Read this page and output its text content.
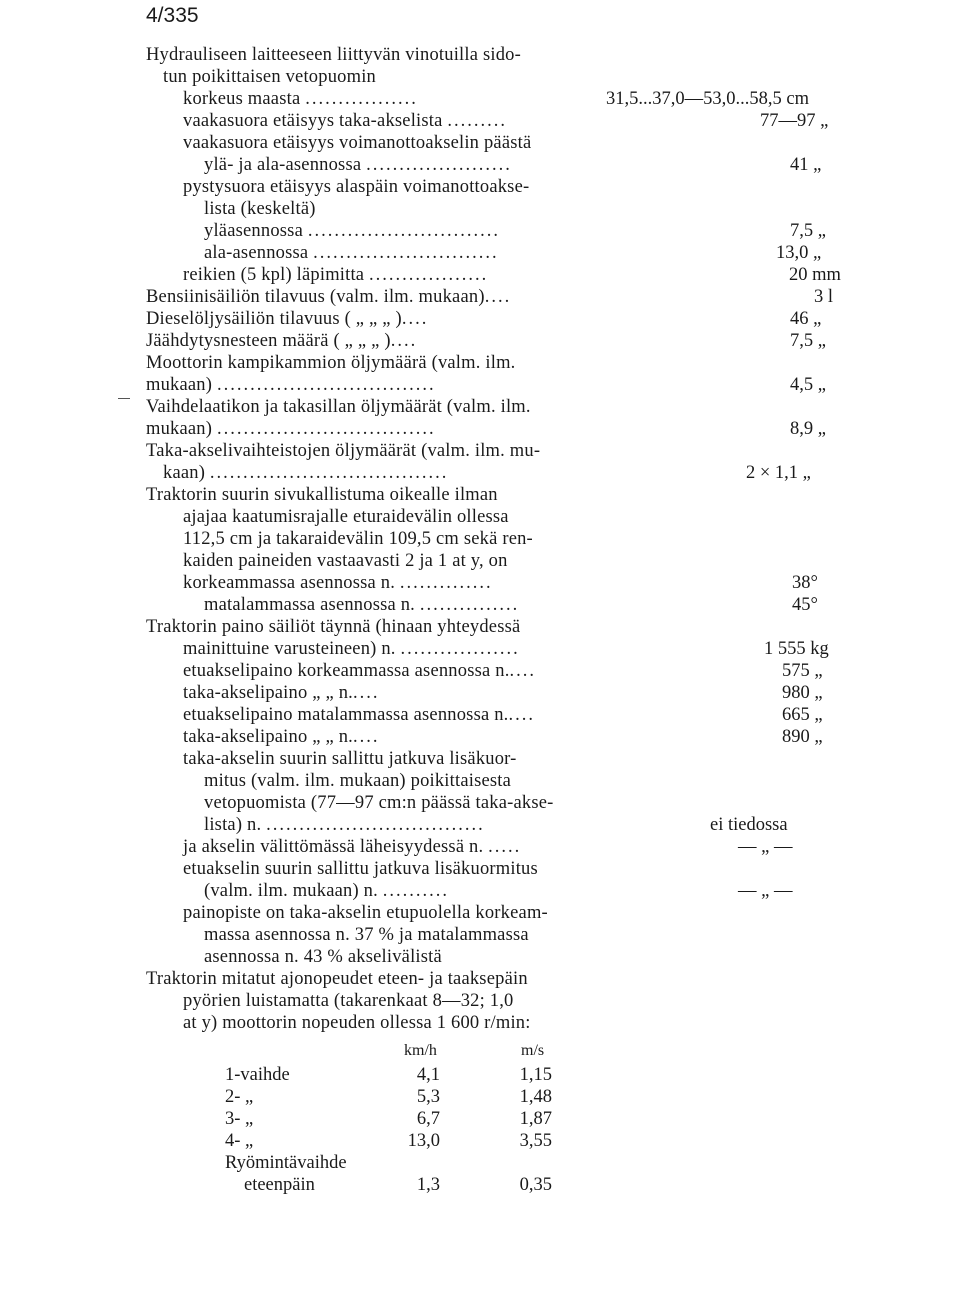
4/335
Hydrauliseen laitteeseen liittyvän vinotuilla sido-
tun poikittaisen vetopuomin
korkeus maasta .................	31,5...37,0—53,0...58,5 cm
vaakasuora etäisyys taka-akselista .........	77—97 „
vaakasuora etäisyys voimanottoakselin päästä
ylä- ja ala-asennossa ......................	41 „
pystysuora etäisyys alaspäin voimanottoakse-
lista (keskeltä)
yläasennossa .............................	7,5 „
ala-asennossa ............................	13,0 „
reikien (5 kpl) läpimitta ..................	20 mm
Bensiinisäiliön tilavuus (valm. ilm. mukaan)....	3 l
Dieselöljysäiliön tilavuus ( „ „ „ )....	46 „
Jäähdytysnesteen määrä ( „ „ „ )....	7,5 „
Moottorin kampikammion öljymäärä (valm. ilm.
mukaan) .................................	4,5 „
Vaihdelaatikon ja takasillan öljymäärät (valm. ilm.
mukaan) .................................	8,9 „
Taka-akselivaihteistojen öljymäärät (valm. ilm. mu-
kaan) ....................................	2 × 1,1 „
Traktorin suurin sivukallistuma oikealle ilman
ajajaa kaatumisrajalle eturaidevälin ollessa
112,5 cm ja takaraidevälin 109,5 cm sekä ren-
kaiden paineiden vastaavasti 2 ja 1 at y, on
korkeammassa asennossa n. ..............	38°
matalammassa asennossa n. ...............	45°
Traktorin paino säiliöt täynnä (hinaan yhteydessä
mainittuine varusteineen) n. ..................	1 555 kg
etuakselipaino korkeammassa asennossa n.....	575 „
taka-akselipaino „ „ n.....	980 „
etuakselipaino matalammassa asennossa n.....	665 „
taka-akselipaino „ „ n.....	890 „
taka-akselin suurin sallittu jatkuva lisäkuor-
mitus (valm. ilm. mukaan) poikittaisesta
vetopuomista (77—97 cm:n päässä taka-akse-
lista) n. .................................	ei tiedossa
ja akselin välittömässä läheisyydessä n. .....	— „ —
etuakselin suurin sallittu jatkuva lisäkuormitus
(valm. ilm. mukaan) n. ..........	— „ —
painopiste on taka-akselin etupuolella korkeam-
massa asennossa n. 37 % ja matalammassa
asennossa n. 43 % akselivälistä
Traktorin mitatut ajonopeudet eteen- ja taaksepäin
pyörien luistamatta (takarenkaat 8—32; 1,0
at y) moottorin nopeuden ollessa 1 600 r/min:
km/h	m/s
1-vaihde	4,1	1,15
2- „	5,3	1,48
3- „	6,7	1,87
4- „	13,0	3,55
Ryömintävaihde
eteenpäin	1,3	0,35
